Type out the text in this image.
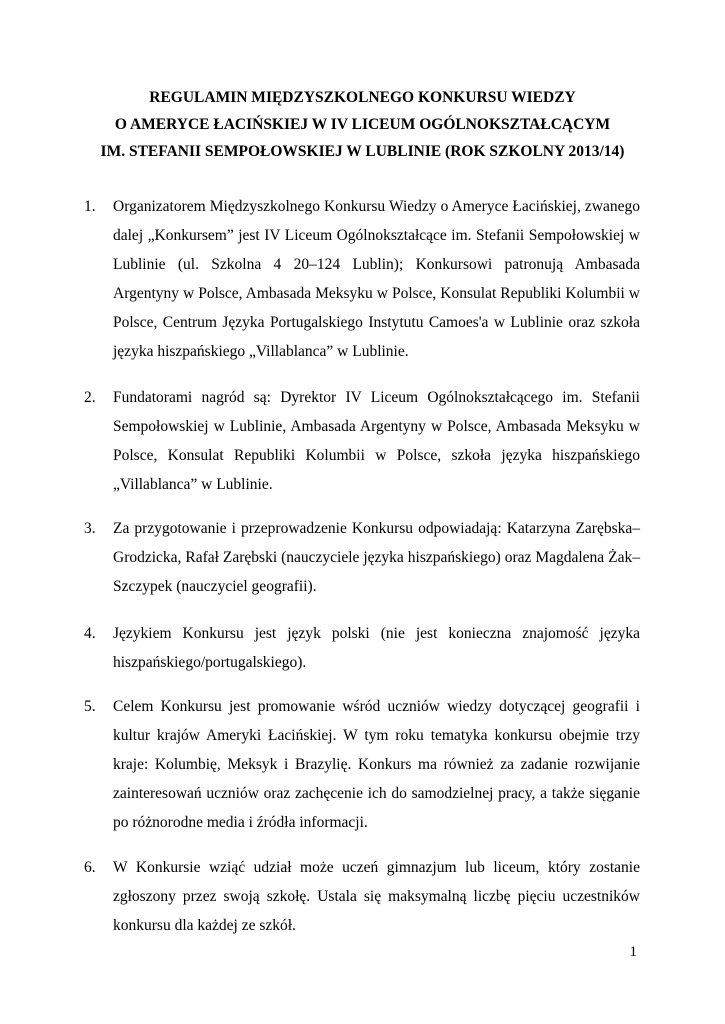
REGULAMIN MIĘDZYSZKOLNEGO KONKURSU WIEDZY
O AMERYCE ŁACIŃSKIEJ W IV LICEUM OGÓLNOKSZTAŁCĄCYM
IM. STEFANII SEMPOŁOWSKIEJ W LUBLINIE (ROK SZKOLNY 2013/14)
1.	Organizatorem Międzyszkolnego Konkursu Wiedzy o Ameryce Łacińskiej, zwanego dalej „Konkursem” jest IV Liceum Ogólnokształcące im. Stefanii Sempołowskiej w Lublinie (ul. Szkolna 4 20–124 Lublin); Konkursowi patronują Ambasada Argentyny w Polsce, Ambasada Meksyku w Polsce, Konsulat Republiki Kolumbii w Polsce, Centrum Języka Portugalskiego Instytutu Camoes'a w Lublinie oraz szkoła języka hiszpańskiego „Villablanca” w Lublinie.
2.	Fundatorami nagród są: Dyrektor IV Liceum Ogólnokształcącego im. Stefanii Sempołowskiej w Lublinie, Ambasada Argentyny w Polsce, Ambasada Meksyku w Polsce, Konsulat Republiki Kolumbii w Polsce, szkoła języka hiszpańskiego „Villablanca” w Lublinie.
3.	Za przygotowanie i przeprowadzenie Konkursu odpowiadają: Katarzyna Zarębska–Grodzicka, Rafał Zarębski (nauczyciele języka hiszpańskiego) oraz Magdalena Żak–Szczypek (nauczyciel geografii).
4.	Językiem Konkursu jest język polski (nie jest konieczna znajomość języka hiszpańskiego/portugalskiego).
5.	Celem Konkursu jest promowanie wśród uczniów wiedzy dotyczącej geografii i kultur krajów Ameryki Łacińskiej. W tym roku tematyka konkursu obejmie trzy kraje: Kolumbię, Meksyk i Brazylię. Konkurs ma również za zadanie rozwijanie zainteresowań uczniów oraz zachęcenie ich do samodzielnej pracy, a także sięganie po różnorodne media i źródła informacji.
6.	W Konkursie wziąć udział może uczeń gimnazjum lub liceum, który zostanie zgłoszony przez swoją szkołę. Ustala się maksymalną liczbę pięciu uczestników konkursu dla każdej ze szkół.
1
